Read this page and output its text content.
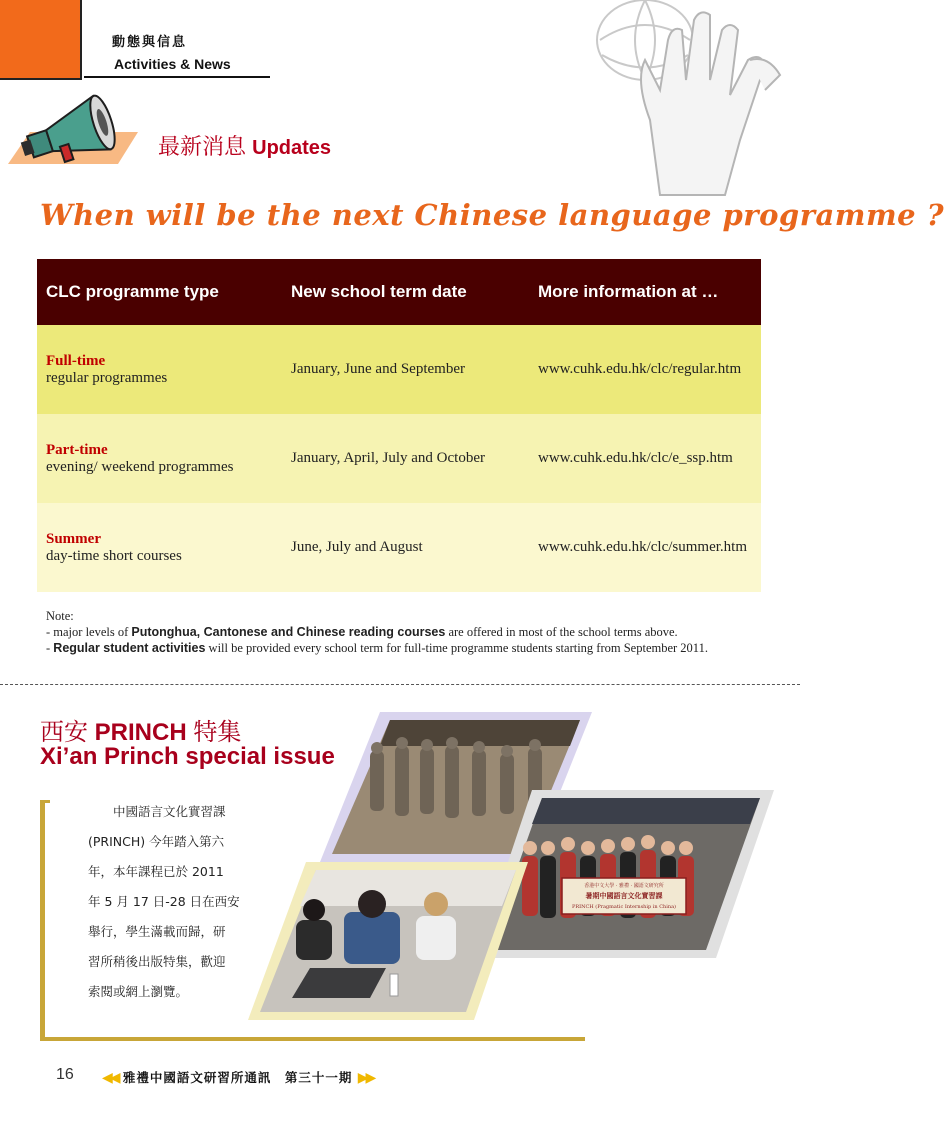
動態與信息
Activities & News
最新消息 Updates
When will be the next Chinese language programme ?
CLC programme type	New school term date	More information at …

Full-time
regular programmes	January, June and September	www.cuhk.edu.hk/clc/regular.htm

Part-time
evening/ weekend programmes	January, April, July and October	www.cuhk.edu.hk/clc/e_ssp.htm

Summer
day-time short courses	June, July and August	www.cuhk.edu.hk/clc/summer.htm
Note:
- major levels of Putonghua, Cantonese and Chinese reading courses are offered in most of the school terms above.
- Regular student activities will be provided every school term for full-time programme students starting from September 2011.
西安 PRINCH 特集
Xi’an Princh special issue
　　中國語言文化實習課
(PRINCH) 今年踏入第六
年，本年課程已於 2011
年 5 月 17 日-28 日在西安
舉行，學生滿載而歸，研
習所稍後出版特集，歡迎
索閱或網上瀏覽。
香港中文大學 · 雅禮 · 國語文研究所
暑期中國語言文化實習課
PRINCH (Pragmatic Internship in China)
16 ◀◀ 雅禮中國語文研習所通訊　第三十一期 ▶▶
